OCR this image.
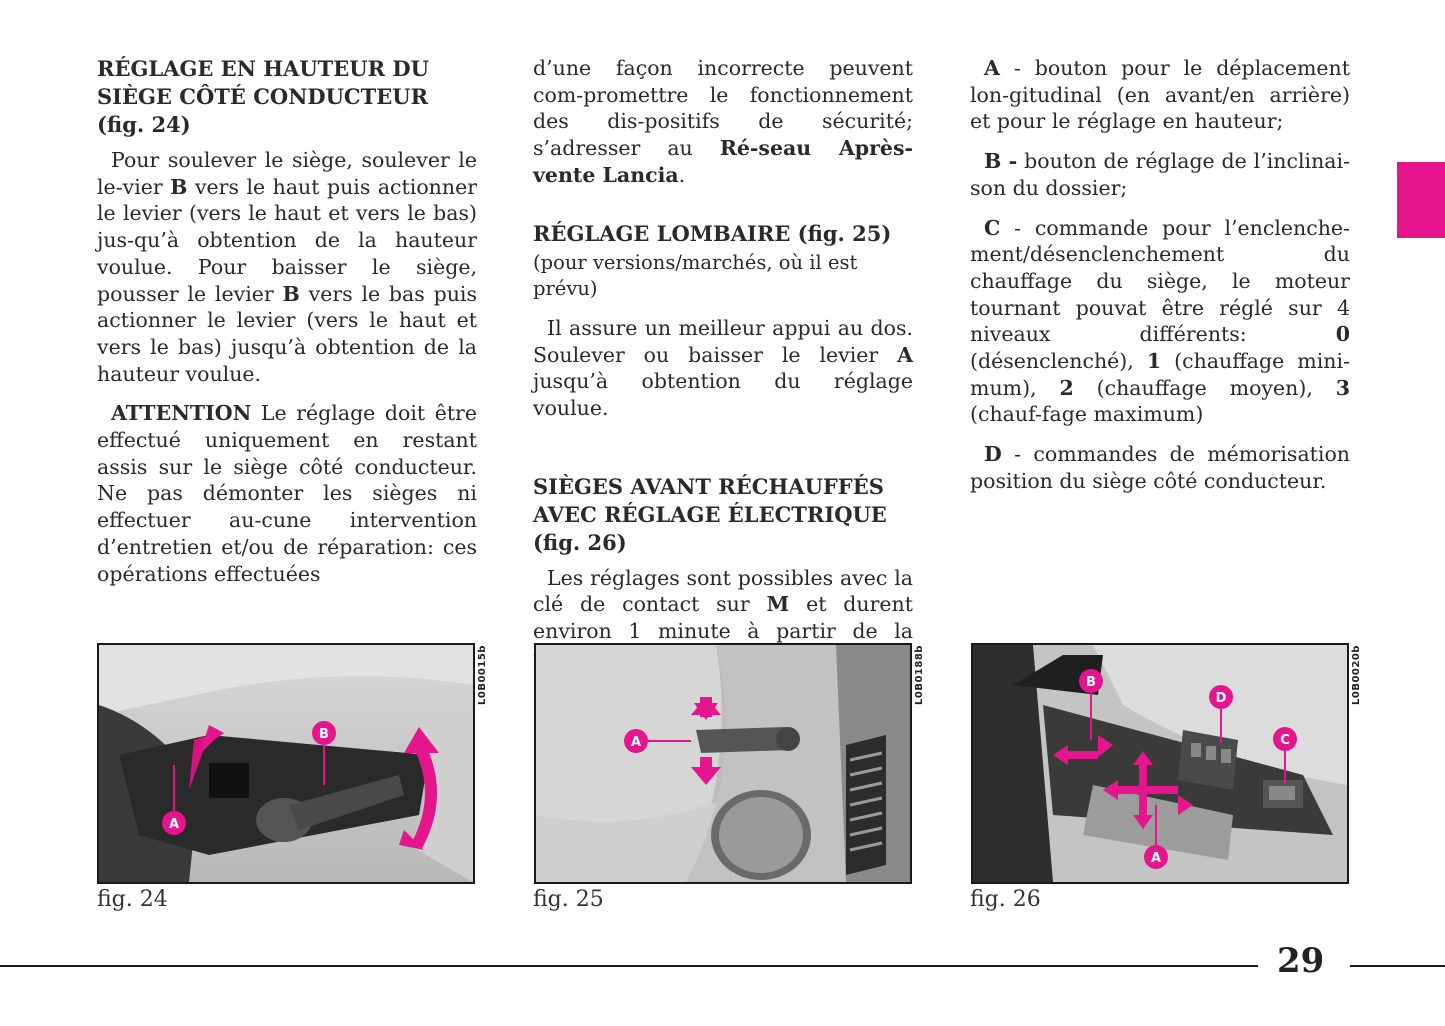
RÉGLAGE EN HAUTEUR DU
SIÈGE CÔTÉ CONDUCTEUR
(fig. 24)

Pour soulever le siège, soulever le le-vier B vers le haut puis actionner le levier (vers le haut et vers le bas) jus-qu’à obtention de la hauteur voulue. Pour baisser le siège, pousser le levier B vers le bas puis actionner le levier (vers le haut et vers le bas) jusqu’à obtention de la hauteur voulue.

ATTENTION Le réglage doit être effectué uniquement en restant assis sur le siège côté conducteur. Ne pas démonter les sièges ni effectuer au-cune intervention d’entretien et/ou de réparation: ces opérations effectuées

d’une façon incorrecte peuvent com-promettre le fonctionnement des dis-positifs de sécurité; s’adresser au Ré-seau Après-vente Lancia.

RÉGLAGE LOMBAIRE (fig. 25)

(pour versions/marchés, où il est prévu)

Il assure un meilleur appui au dos. Soulever ou baisser le levier A jusqu’à obtention du réglage voulue.

SIÈGES AVANT RÉCHAUFFÉS
AVEC RÉGLAGE ÉLECTRIQUE
(fig. 26)

Les réglages sont possibles avec la clé de contact sur M et durent environ 1 minute à partir de la

A - bouton pour le déplacement lon-gitudinal (en avant/en arrière) et pour le réglage en hauteur;

B - bouton de réglage de l’inclinai-son du dossier;

C - commande pour l’enclenche-ment/désenclenchement du chauffage du siège, le moteur tournant pouvat être réglé sur 4 niveaux différents: 0 (désenclenché), 1 (chauffage mini-mum), 2 (chauffage moyen), 3 (chauf-fage maximum)

D - commandes de mémorisation position du siège côté conducteur.

A
B
L0B0015b
fig. 24
A
L0B0188b
fig. 25
B
D
C
A
L0B0020b
fig. 26
29
